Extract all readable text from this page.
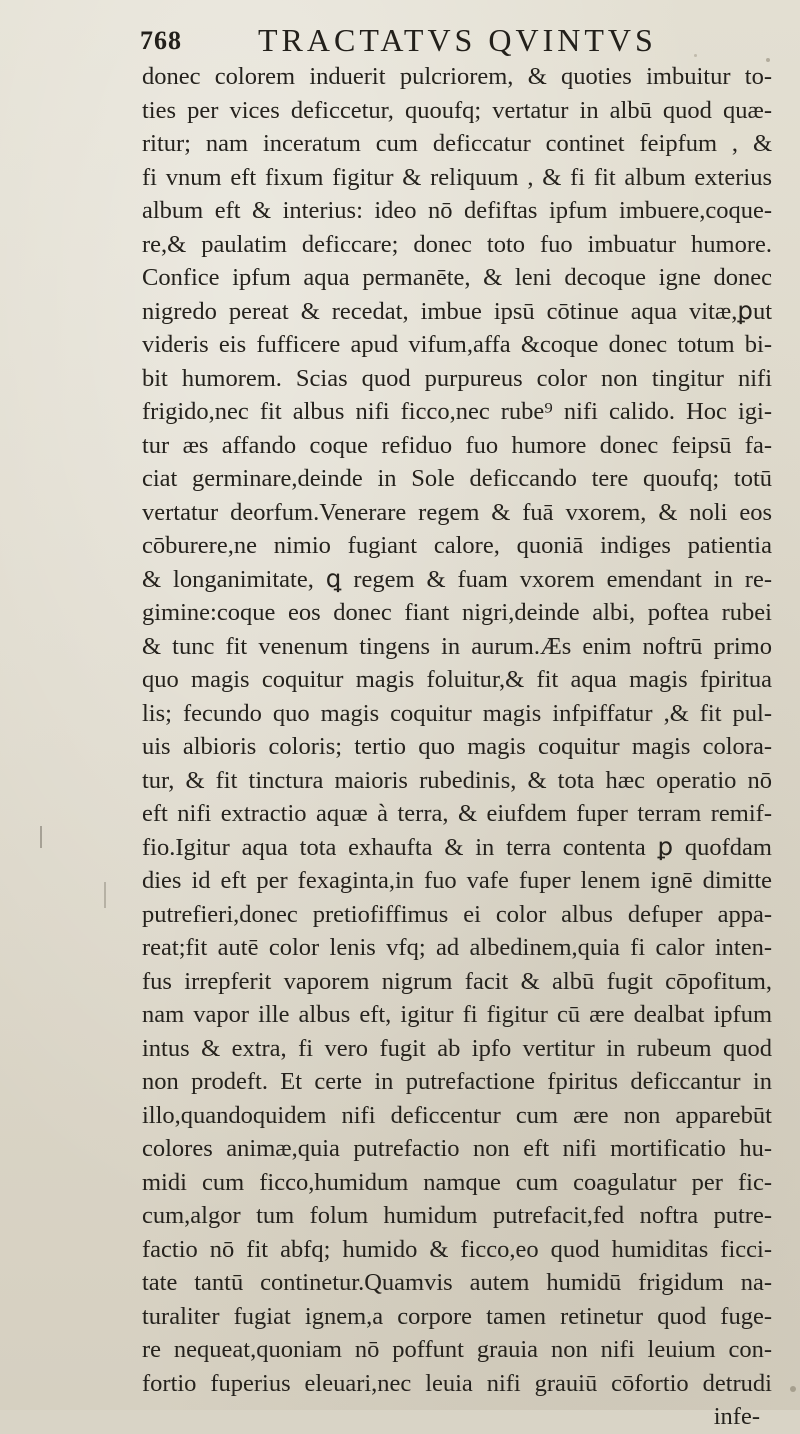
768 TRACTATVS QVINTVS
donec colorem induerit pulcriorem, & quoties imbuitur to-
ties per vices deficcetur, quoufq; vertatur in albū quod quæ-
ritur; nam inceratum cum deficcatur continet feipfum , &
fi vnum eft fixum figitur & reliquum , & fi fit album exterius
album eft & interius: ideo nō defiftas ipfum imbuere,coque-
re,& paulatim deficcare; donec toto fuo imbuatur humore.
Confice ipfum aqua permanēte, & leni decoque igne donec
nigredo pereat & recedat, imbue ipsū cōtinue aqua vitæ,ꝑut
videris eis fufficere apud vifum,affa &coque donec totum bi-
bit humorem. Scias quod purpureus color non tingitur nifi
frigido,nec fit albus nifi ficco,nec rube⁹ nifi calido. Hoc igi-
tur æs affando coque refiduo fuo humore donec feipsū fa-
ciat germinare,deinde in Sole deficcando tere quoufq; totū
vertatur deorfum.Venerare regem & fuā vxorem, & noli eos
cōburere,ne nimio fugiant calore, quoniā indiges patientia
& longanimitate, ꝗ regem & fuam vxorem emendant in re-
gimine:coque eos donec fiant nigri,deinde albi, poftea rubei
& tunc fit venenum tingens in aurum.Æs enim noftrū primo
quo magis coquitur magis foluitur,& fit aqua magis fpiritua
lis; fecundo quo magis coquitur magis infpiffatur ,& fit pul-
uis albioris coloris; tertio quo magis coquitur magis colora-
tur, & fit tinctura maioris rubedinis, & tota hæc operatio nō
eft nifi extractio aquæ à terra, & eiufdem fuper terram remif-
fio.Igitur aqua tota exhaufta & in terra contenta ꝑ quofdam
dies id eft per fexaginta,in fuo vafe fuper lenem ignē dimitte
putrefieri,donec pretiofiffimus ei color albus defuper appa-
reat;fit autē color lenis vfq; ad albedinem,quia fi calor inten-
fus irrepferit vaporem nigrum facit & albū fugit cōpofitum,
nam vapor ille albus eft, igitur fi figitur cū ære dealbat ipfum
intus & extra, fi vero fugit ab ipfo vertitur in rubeum quod
non prodeft. Et certe in putrefactione fpiritus deficcantur in
illo,quandoquidem nifi deficcentur cum ære non apparebūt
colores animæ,quia putrefactio non eft nifi mortificatio hu-
midi cum ficco,humidum namque cum coagulatur per fic-
cum,algor tum folum humidum putrefacit,fed noftra putre-
factio nō fit abfq; humido & ficco,eo quod humiditas ficci-
tate tantū continetur.Quamvis autem humidū frigidum na-
turaliter fugiat ignem,a corpore tamen retinetur quod fuge-
re nequeat,quoniam nō poffunt grauia non nifi leuium con-
fortio fuperius eleuari,nec leuia nifi grauiū cōfortio detrudi
infe-
